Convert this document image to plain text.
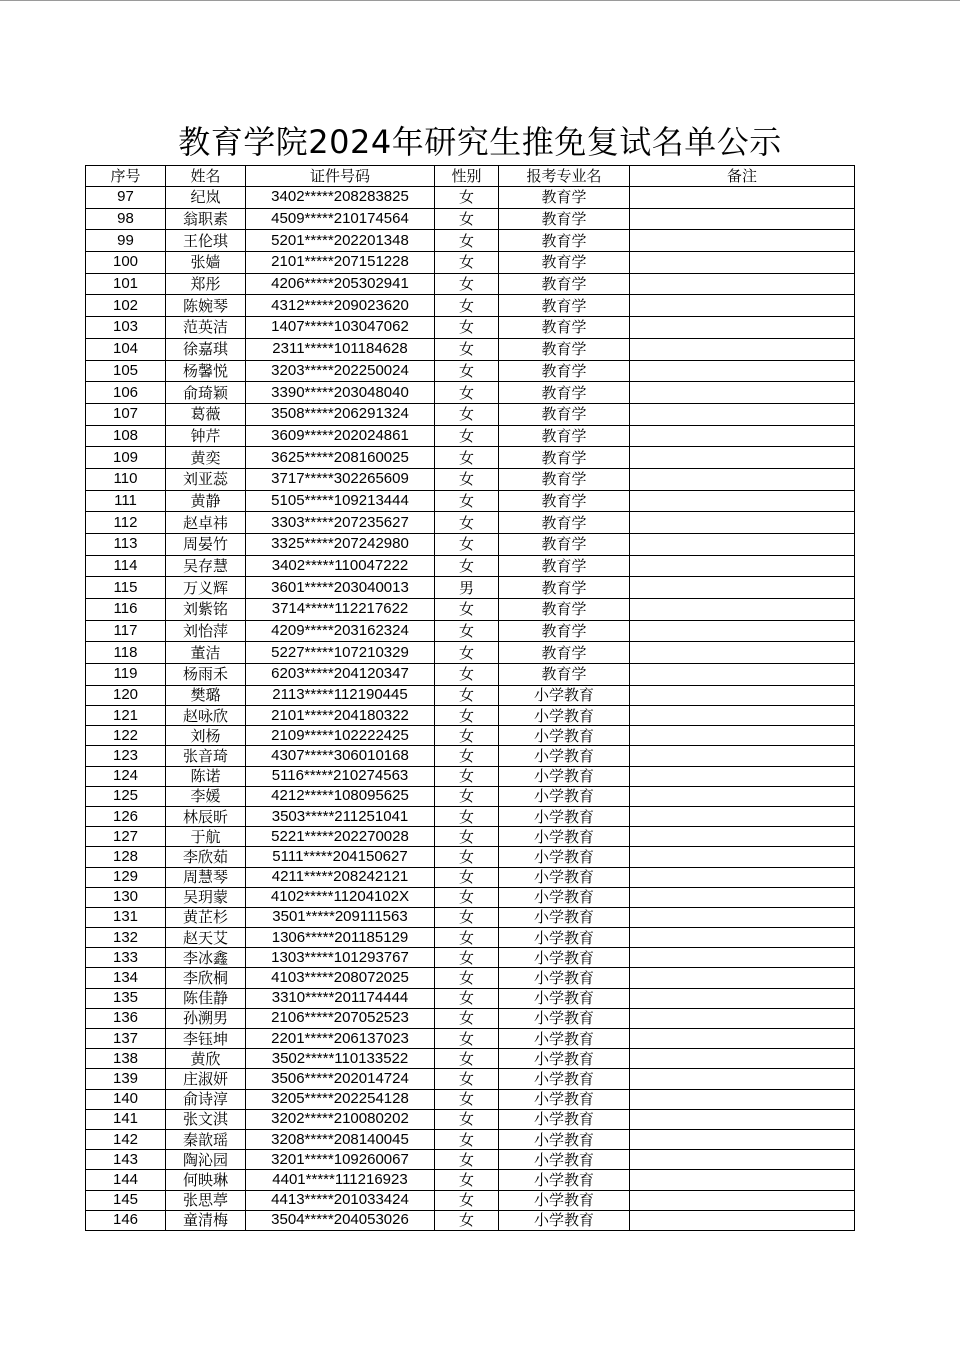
教育学院2024年研究生推免复试名单公示
序号	姓名	证件号码	性别	报考专业名	备注
97	纪岚	3402*****208283825	女	教育学	
98	翁职素	4509*****210174564	女	教育学	
99	王伦琪	5201*****202201348	女	教育学	
100	张嫱	2101*****207151228	女	教育学	
101	郑彤	4206*****205302941	女	教育学	
102	陈婉琴	4312*****209023620	女	教育学	
103	范英洁	1407*****103047062	女	教育学	
104	徐嘉琪	2311*****101184628	女	教育学	
105	杨馨悦	3203*****202250024	女	教育学	
106	俞琦颖	3390*****203048040	女	教育学	
107	葛薇	3508*****206291324	女	教育学	
108	钟芹	3609*****202024861	女	教育学	
109	黄奕	3625*****208160025	女	教育学	
110	刘亚蕊	3717*****302265609	女	教育学	
111	黄静	5105*****109213444	女	教育学	
112	赵卓祎	3303*****207235627	女	教育学	
113	周晏竹	3325*****207242980	女	教育学	
114	吴存慧	3402*****110047222	女	教育学	
115	万义辉	3601*****203040013	男	教育学	
116	刘紫铭	3714*****112217622	女	教育学	
117	刘怡萍	4209*****203162324	女	教育学	
118	董洁	5227*****107210329	女	教育学	
119	杨雨禾	6203*****204120347	女	教育学	
120	樊璐	2113*****112190445	女	小学教育	
121	赵咏欣	2101*****204180322	女	小学教育	
122	刘杨	2109*****102222425	女	小学教育	
123	张音琦	4307*****306010168	女	小学教育	
124	陈诺	5116*****210274563	女	小学教育	
125	李媛	4212*****108095625	女	小学教育	
126	林辰昕	3503*****211251041	女	小学教育	
127	于航	5221*****202270028	女	小学教育	
128	李欣茹	5111*****204150627	女	小学教育	
129	周慧琴	4211*****208242121	女	小学教育	
130	吴玥蒙	4102*****11204102X	女	小学教育	
131	黄芷杉	3501*****209111563	女	小学教育	
132	赵天艾	1306*****201185129	女	小学教育	
133	李冰鑫	1303*****101293767	女	小学教育	
134	李欣桐	4103*****208072025	女	小学教育	
135	陈佳静	3310*****201174444	女	小学教育	
136	孙溯男	2106*****207052523	女	小学教育	
137	李钰坤	2201*****206137023	女	小学教育	
138	黄欣	3502*****110133522	女	小学教育	
139	庄淑妍	3506*****202014724	女	小学教育	
140	俞诗淳	3205*****202254128	女	小学教育	
141	张文淇	3202*****210080202	女	小学教育	
142	秦歆瑶	3208*****208140045	女	小学教育	
143	陶沁园	3201*****109260067	女	小学教育	
144	何映琳	4401*****111216923	女	小学教育	
145	张思葶	4413*****201033424	女	小学教育	
146	童清梅	3504*****204053026	女	小学教育	
